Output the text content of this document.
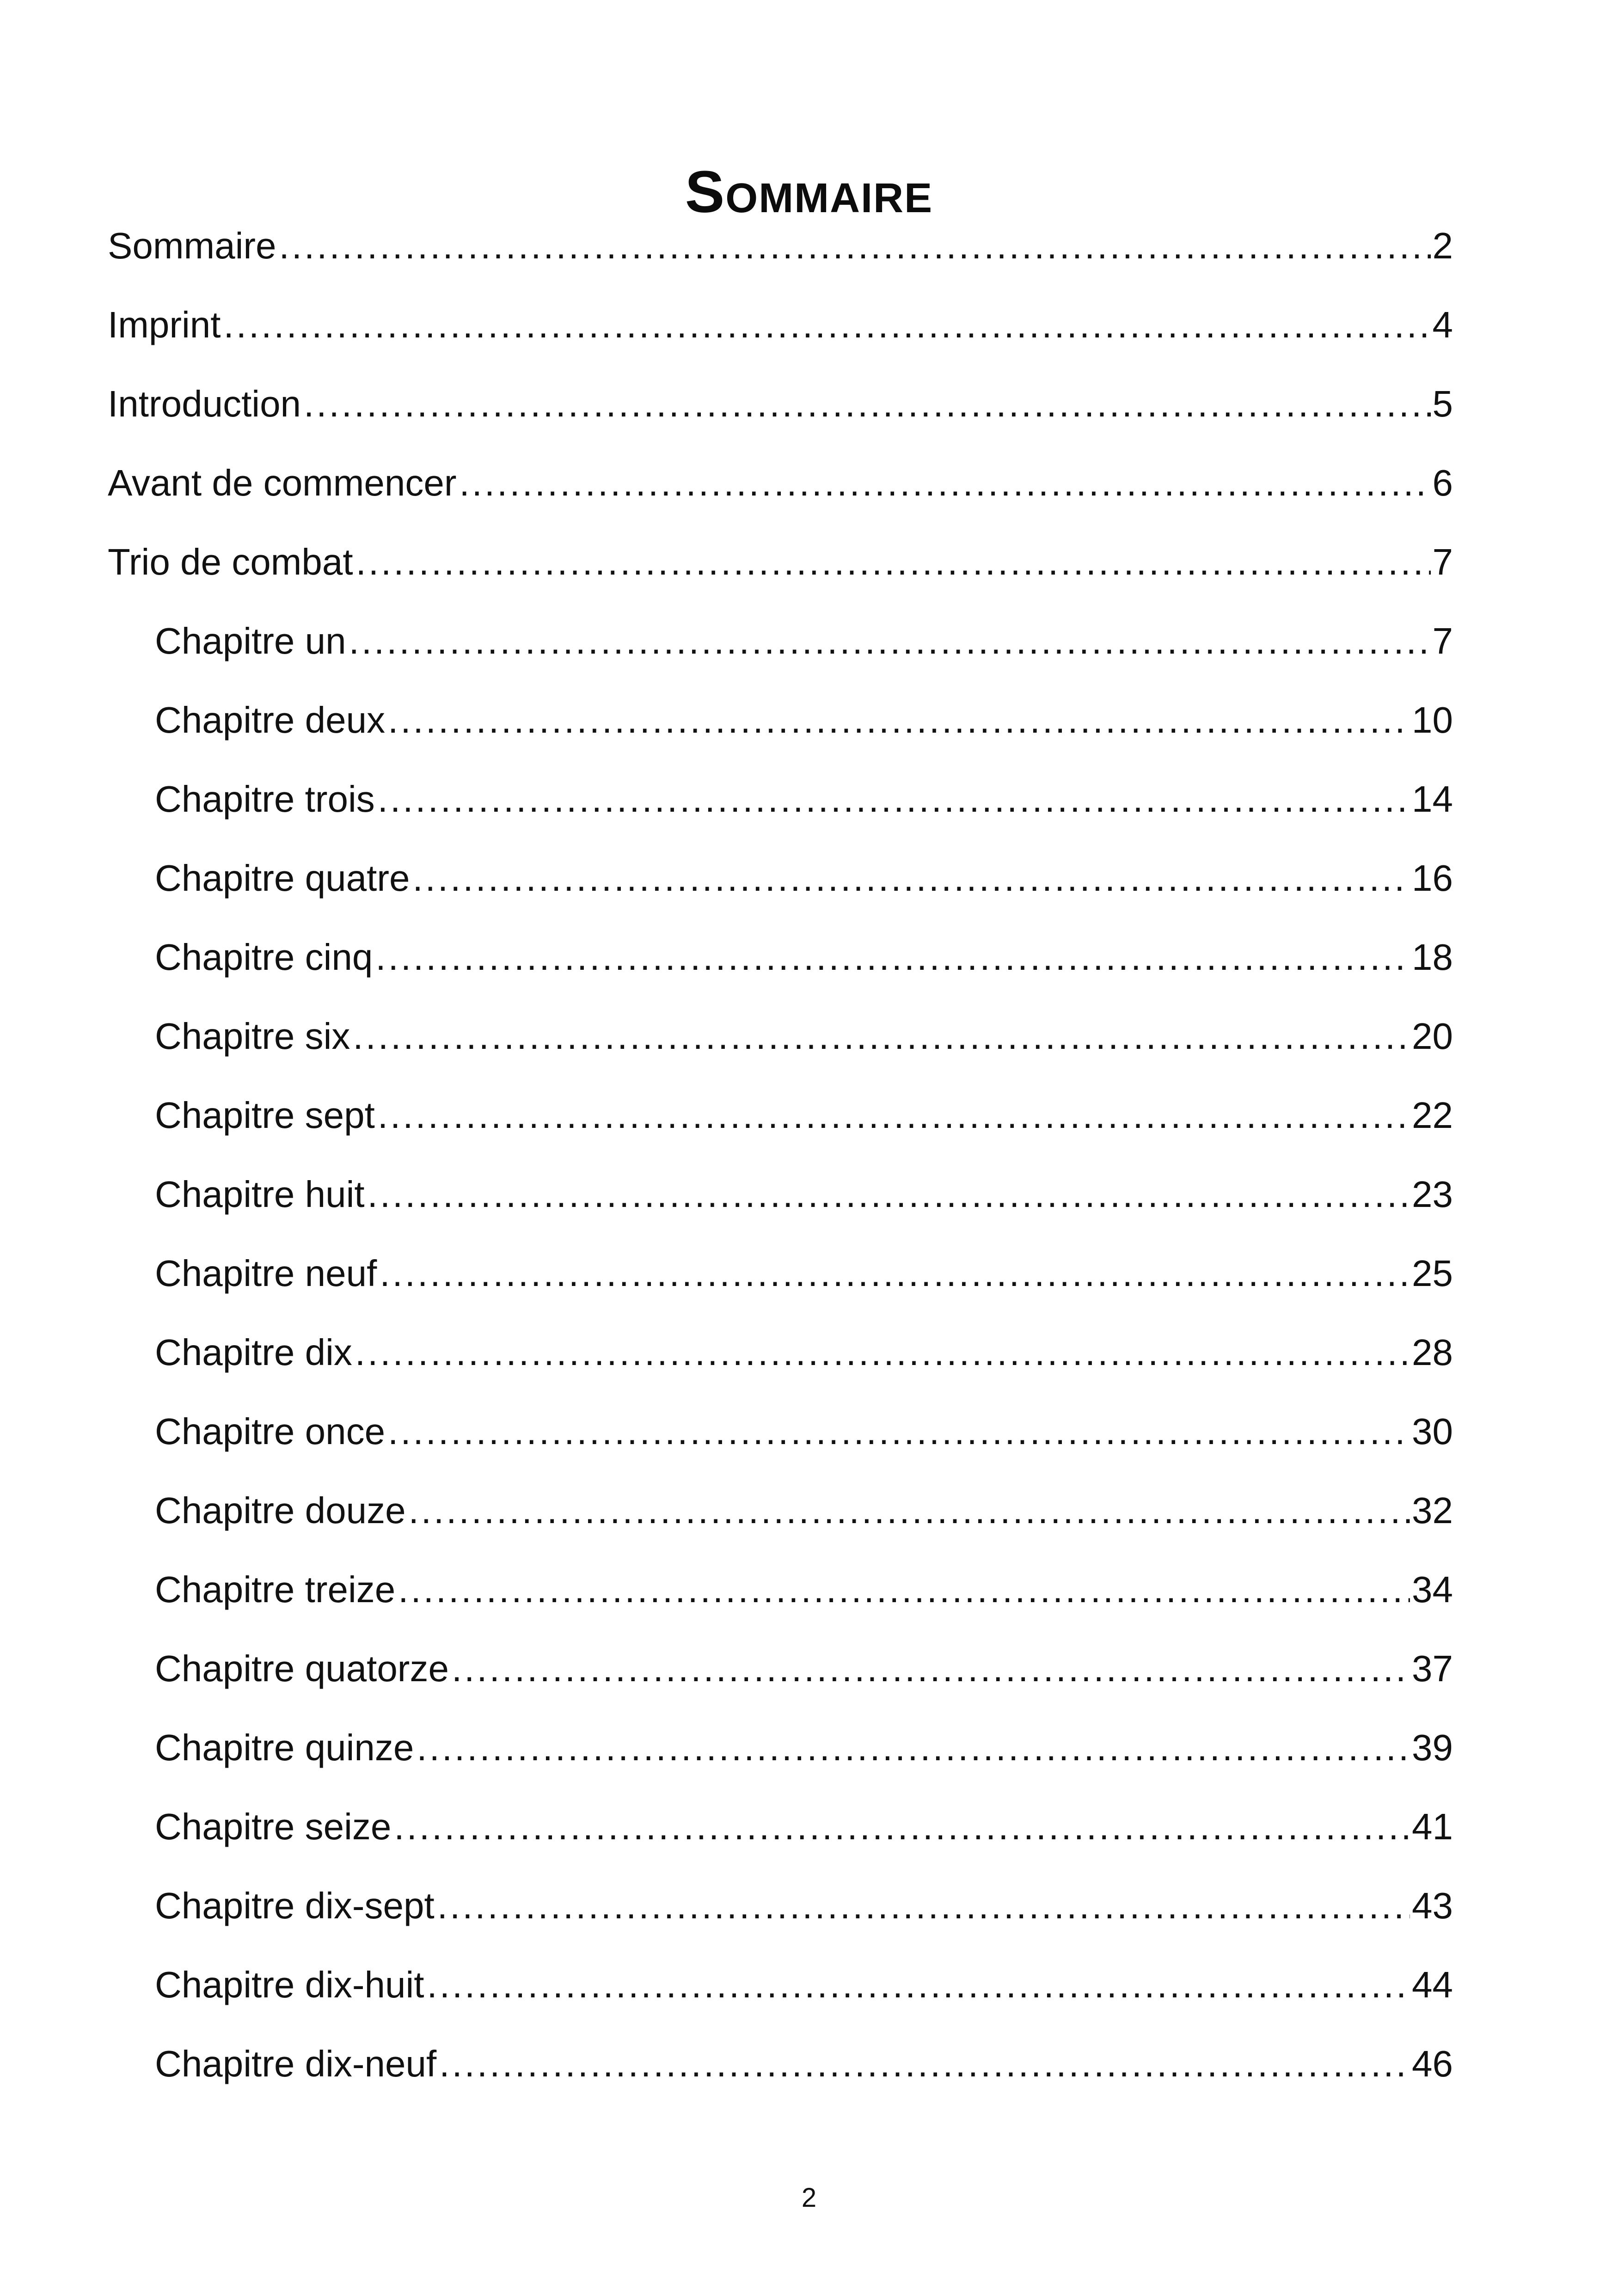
Sommaire
Sommaire .....	2
Imprint .....	4
Introduction .....	5
Avant de commencer .....	6
Trio de combat .....	7
Chapitre un .....	7
Chapitre deux .....	10
Chapitre trois .....	14
Chapitre quatre .....	16
Chapitre cinq .....	18
Chapitre six .....	20
Chapitre sept .....	22
Chapitre huit .....	23
Chapitre neuf .....	25
Chapitre dix .....	28
Chapitre once .....	30
Chapitre douze .....	32
Chapitre treize .....	34
Chapitre quatorze .....	37
Chapitre quinze .....	39
Chapitre seize .....	41
Chapitre dix-sept .....	43
Chapitre dix-huit .....	44
Chapitre dix-neuf .....	46
2
